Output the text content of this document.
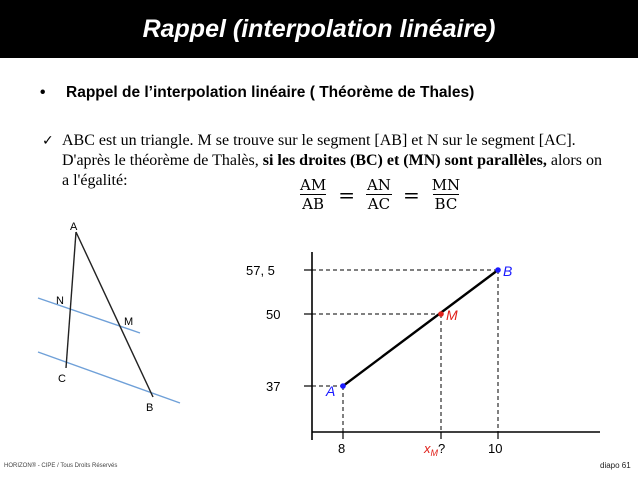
Rappel (interpolation linéaire)
• Rappel de l’interpolation linéaire ( Théorème de Thales)
✓ ABC est un triangle. M se trouve sur le segment [AB] et N sur le segment [AC]. D'après le théorème de Thalès, si les droites (BC) et (MN) sont parallèles, alors on a l'égalité:	$\frac{AM}{AB} = \frac{AN}{AC} = \frac{MN}{BC}$
A
N
M
C
B
57, 5
50
37	A
M
B
8	$x_M$?	10
HORIZON® - CIPE / Tous Droits Réservés	diapo 61
